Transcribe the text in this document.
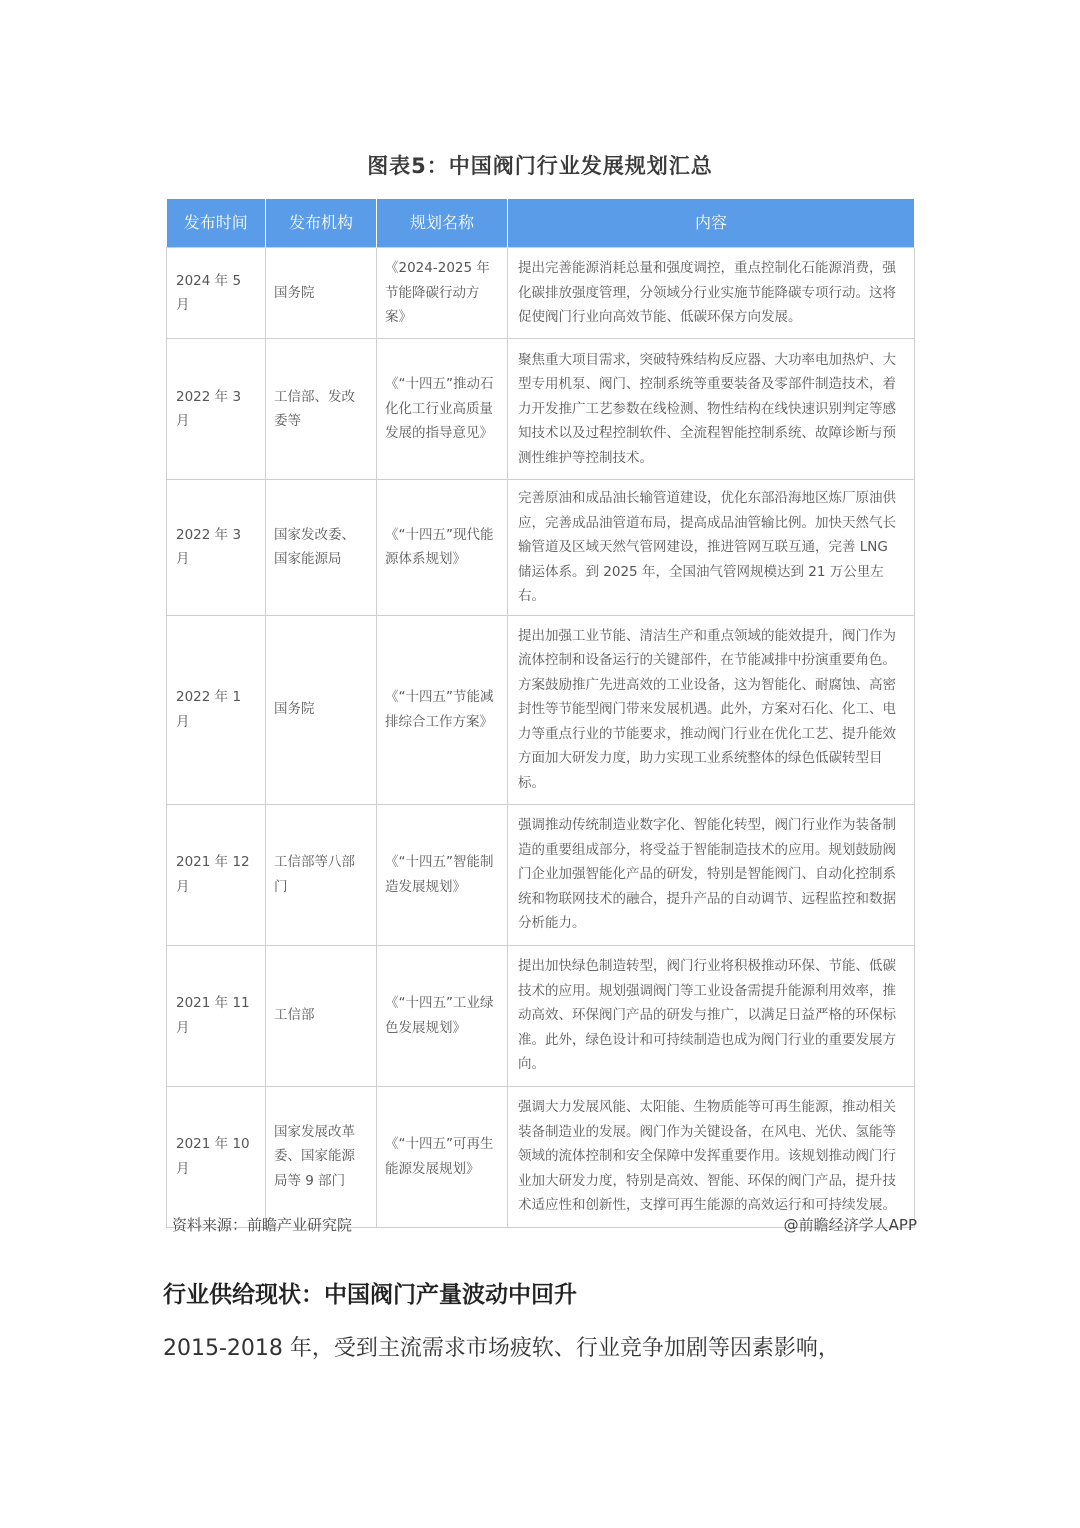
图表5：中国阀门行业发展规划汇总
发布时间	发布机构	规划名称	内容
2024 年 5 月	国务院	《2024-2025 年节能降碳行动方案》	提出完善能源消耗总量和强度调控，重点控制化石能源消费，强化碳排放强度管理，分领域分行业实施节能降碳专项行动。这将促使阀门行业向高效节能、低碳环保方向发展。
2022 年 3 月	工信部、发改委等	《“十四五”推动石化化工行业高质量发展的指导意见》	聚焦重大项目需求，突破特殊结构反应器、大功率电加热炉、大型专用机泵、阀门、控制系统等重要装备及零部件制造技术，着力开发推广工艺参数在线检测、物性结构在线快速识别判定等感知技术以及过程控制软件、全流程智能控制系统、故障诊断与预测性维护等控制技术。
2022 年 3 月	国家发改委、国家能源局	《“十四五”现代能源体系规划》	完善原油和成品油长输管道建设，优化东部沿海地区炼厂原油供应，完善成品油管道布局，提高成品油管输比例。加快天然气长输管道及区域天然气管网建设，推进管网互联互通，完善 LNG 储运体系。到 2025 年，全国油气管网规模达到 21 万公里左右。
2022 年 1 月	国务院	《“十四五”节能减排综合工作方案》	提出加强工业节能、清洁生产和重点领域的能效提升，阀门作为流体控制和设备运行的关键部件，在节能减排中扮演重要角色。方案鼓励推广先进高效的工业设备，这为智能化、耐腐蚀、高密封性等节能型阀门带来发展机遇。此外，方案对石化、化工、电力等重点行业的节能要求，推动阀门行业在优化工艺、提升能效方面加大研发力度，助力实现工业系统整体的绿色低碳转型目标。
2021 年 12 月	工信部等八部门	《“十四五”智能制造发展规划》	强调推动传统制造业数字化、智能化转型，阀门行业作为装备制造的重要组成部分，将受益于智能制造技术的应用。规划鼓励阀门企业加强智能化产品的研发，特别是智能阀门、自动化控制系统和物联网技术的融合，提升产品的自动调节、远程监控和数据分析能力。
2021 年 11 月	工信部	《“十四五”工业绿色发展规划》	提出加快绿色制造转型，阀门行业将积极推动环保、节能、低碳技术的应用。规划强调阀门等工业设备需提升能源利用效率，推动高效、环保阀门产品的研发与推广，以满足日益严格的环保标准。此外，绿色设计和可持续制造也成为阀门行业的重要发展方向。
2021 年 10 月	国家发展改革委、国家能源局等 9 部门	《“十四五”可再生能源发展规划》	强调大力发展风能、太阳能、生物质能等可再生能源，推动相关装备制造业的发展。阀门作为关键设备，在风电、光伏、氢能等领域的流体控制和安全保障中发挥重要作用。该规划推动阀门行业加大研发力度，特别是高效、智能、环保的阀门产品，提升技术适应性和创新性，支撑可再生能源的高效运行和可持续发展。
资料来源：前瞻产业研究院	@前瞻经济学人APP
行业供给现状：中国阀门产量波动中回升
2015-2018 年，受到主流需求市场疲软、行业竞争加剧等因素影响，
